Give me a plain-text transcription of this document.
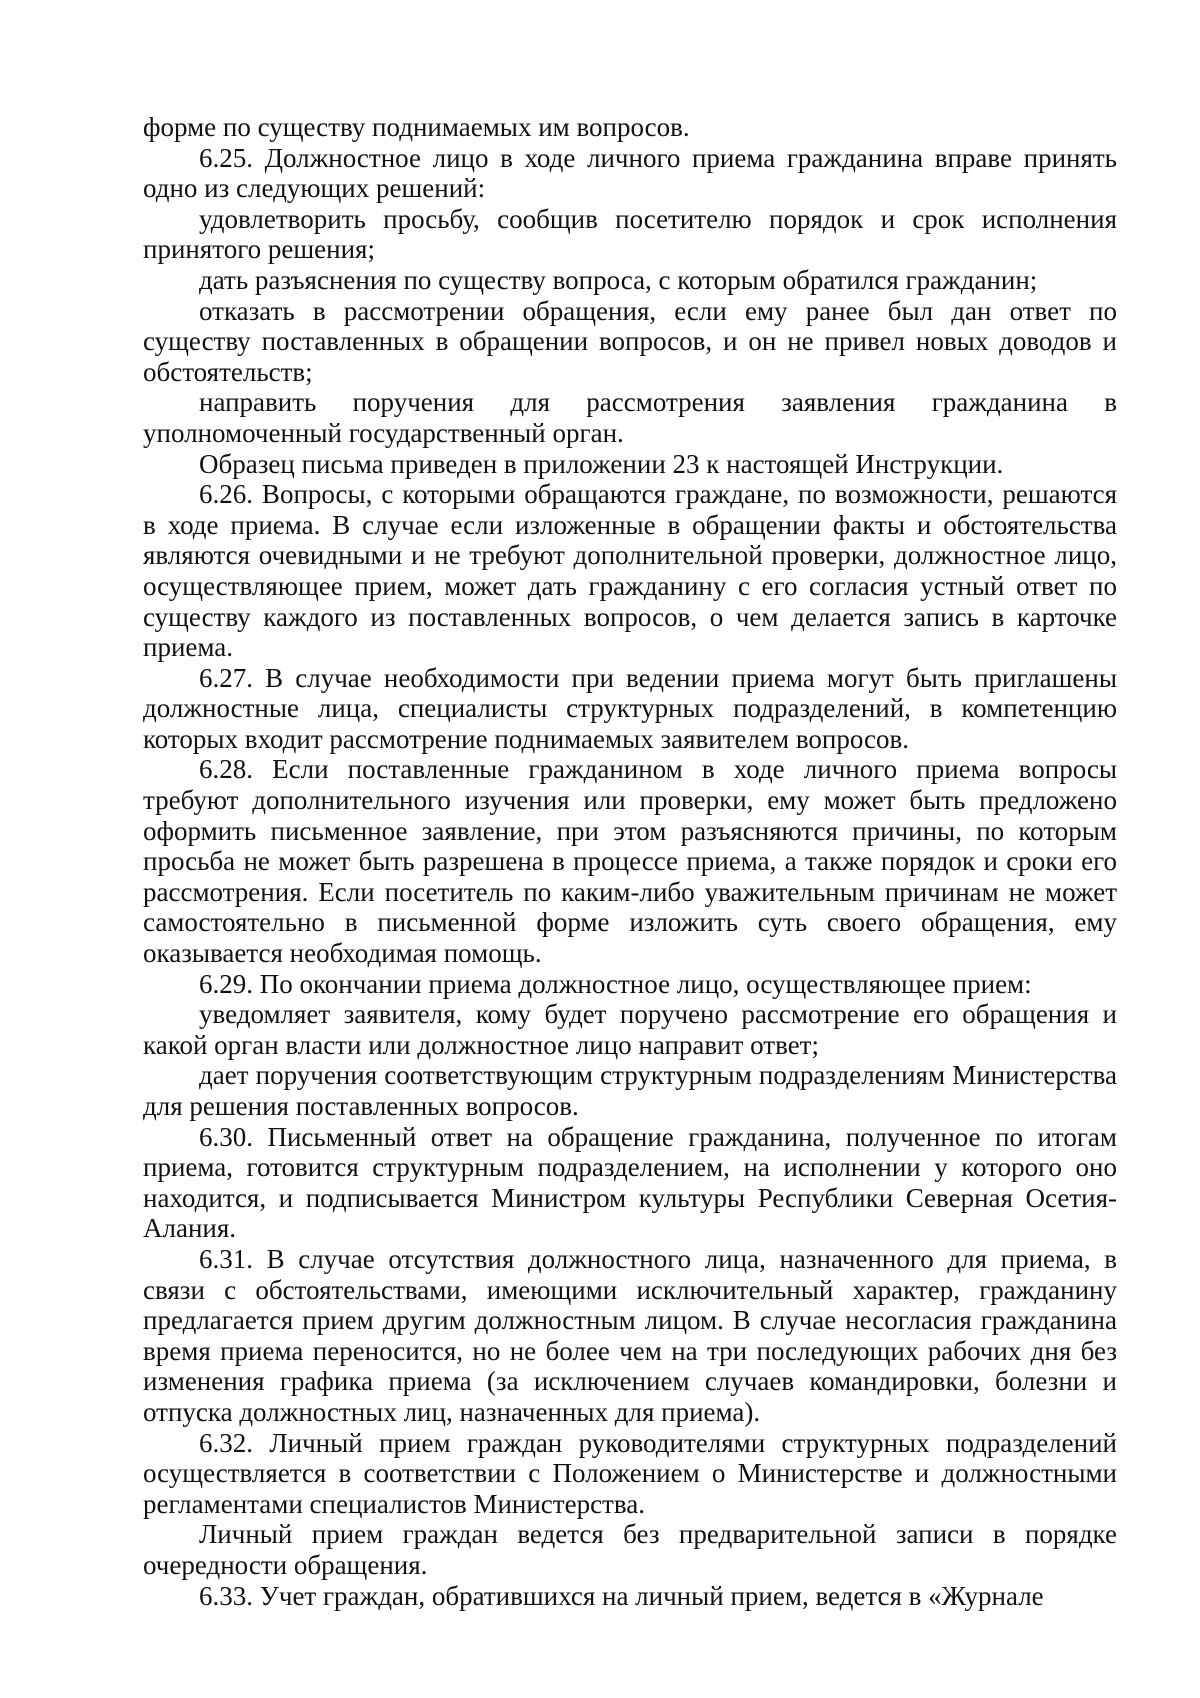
форме по существу поднимаемых им вопросов.

6.25. Должностное лицо в ходе личного приема гражданина вправе принять одно из следующих решений:

удовлетворить просьбу, сообщив посетителю порядок и срок исполнения принятого решения;

дать разъяснения по существу вопроса, с которым обратился гражданин;

отказать в рассмотрении обращения, если ему ранее был дан ответ по существу поставленных в обращении вопросов, и он не привел новых доводов и обстоятельств;

направить поручения для рассмотрения заявления гражданина в уполномоченный государственный орган.

Образец письма приведен в приложении 23 к настоящей Инструкции.

6.26. Вопросы, с которыми обращаются граждане, по возможности, решаются в ходе приема. В случае если изложенные в обращении факты и обстоятельства являются очевидными и не требуют дополнительной проверки, должностное лицо, осуществляющее прием, может дать гражданину с его согласия устный ответ по существу каждого из поставленных вопросов, о чем делается запись в карточке приема.

6.27. В случае необходимости при ведении приема могут быть приглашены должностные лица, специалисты структурных подразделений, в компетенцию которых входит рассмотрение поднимаемых заявителем вопросов.

6.28. Если поставленные гражданином в ходе личного приема вопросы требуют дополнительного изучения или проверки, ему может быть предложено оформить письменное заявление, при этом разъясняются причины, по которым просьба не может быть разрешена в процессе приема, а также порядок и сроки его рассмотрения. Если посетитель по каким-либо уважительным причинам не может самостоятельно в письменной форме изложить суть своего обращения, ему оказывается необходимая помощь.

6.29. По окончании приема должностное лицо, осуществляющее прием:

уведомляет заявителя, кому будет поручено рассмотрение его обращения и какой орган власти или должностное лицо направит ответ;

дает поручения соответствующим структурным подразделениям Министерства для решения поставленных вопросов.

6.30. Письменный ответ на обращение гражданина, полученное по итогам приема, готовится структурным подразделением, на исполнении у которого оно находится, и подписывается Министром культуры Республики Северная Осетия-Алания.

6.31. В случае отсутствия должностного лица, назначенного для приема, в связи с обстоятельствами, имеющими исключительный характер, гражданину предлагается прием другим должностным лицом. В случае несогласия гражданина время приема переносится, но не более чем на три последующих рабочих дня без изменения графика приема (за исключением случаев командировки, болезни и отпуска должностных лиц, назначенных для приема).

6.32. Личный прием граждан руководителями структурных подразделений осуществляется в соответствии с Положением о Министерстве и должностными регламентами специалистов Министерства.

Личный прием граждан ведется без предварительной записи в порядке очередности обращения.

6.33. Учет граждан, обратившихся на личный прием, ведется в «Журнале
